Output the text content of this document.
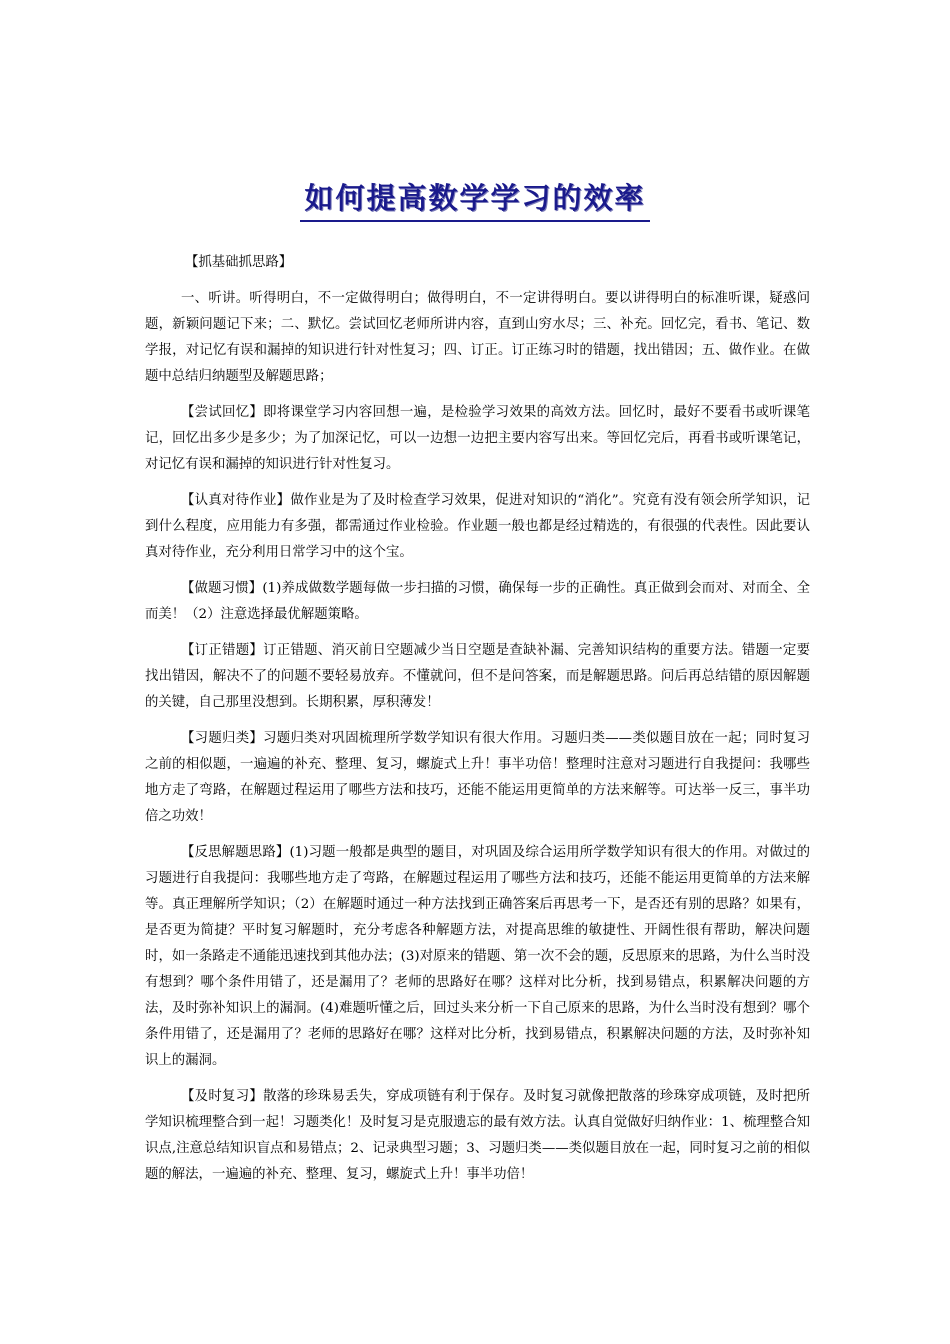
如何提高数学学习的效率

【抓基础抓思路】

一、听讲。听得明白，不一定做得明白；做得明白，不一定讲得明白。要以讲得明白的标准听课，疑惑问题，新颖问题记下来；二、默忆。尝试回忆老师所讲内容，直到山穷水尽；三、补充。回忆完，看书、笔记、数学报，对记忆有误和漏掉的知识进行针对性复习；四、订正。订正练习时的错题，找出错因；五、做作业。在做题中总结归纳题型及解题思路；

【尝试回忆】即将课堂学习内容回想一遍，是检验学习效果的高效方法。回忆时，最好不要看书或听课笔记，回忆出多少是多少；为了加深记忆，可以一边想一边把主要内容写出来。等回忆完后，再看书或听课笔记，对记忆有误和漏掉的知识进行针对性复习。

【认真对待作业】做作业是为了及时检查学习效果，促进对知识的“消化”。究竟有没有领会所学知识，记到什么程度，应用能力有多强，都需通过作业检验。作业题一般也都是经过精选的，有很强的代表性。因此要认真对待作业，充分利用日常学习中的这个宝。

【做题习惯】(1)养成做数学题每做一步扫描的习惯，确保每一步的正确性。真正做到会而对、对而全、全而美！（2）注意选择最优解题策略。

【订正错题】订正错题、消灭前日空题减少当日空题是查缺补漏、完善知识结构的重要方法。错题一定要找出错因，解决不了的问题不要轻易放弃。不懂就问，但不是问答案，而是解题思路。问后再总结错的原因解题的关键，自己那里没想到。长期积累，厚积薄发！

【习题归类】习题归类对巩固梳理所学数学知识有很大作用。习题归类——类似题目放在一起；同时复习之前的相似题，一遍遍的补充、整理、复习，螺旋式上升！事半功倍！整理时注意对习题进行自我提问：我哪些地方走了弯路，在解题过程运用了哪些方法和技巧，还能不能运用更简单的方法来解等。可达举一反三，事半功倍之功效！

【反思解题思路】(1)习题一般都是典型的题目，对巩固及综合运用所学数学知识有很大的作用。对做过的习题进行自我提问：我哪些地方走了弯路，在解题过程运用了哪些方法和技巧，还能不能运用更简单的方法来解等。真正理解所学知识；（2）在解题时通过一种方法找到正确答案后再思考一下，是否还有别的思路？如果有，是否更为简捷？平时复习解题时，充分考虑各种解题方法，对提高思维的敏捷性、开阔性很有帮助，解决问题时，如一条路走不通能迅速找到其他办法；(3)对原来的错题、第一次不会的题，反思原来的思路，为什么当时没有想到？哪个条件用错了，还是漏用了？老师的思路好在哪？这样对比分析，找到易错点，积累解决问题的方法，及时弥补知识上的漏洞。(4)难题听懂之后，回过头来分析一下自己原来的思路，为什么当时没有想到？哪个条件用错了，还是漏用了？老师的思路好在哪？这样对比分析，找到易错点，积累解决问题的方法，及时弥补知识上的漏洞。

【及时复习】散落的珍珠易丢失，穿成项链有利于保存。及时复习就像把散落的珍珠穿成项链，及时把所学知识梳理整合到一起！习题类化！及时复习是克服遗忘的最有效方法。认真自觉做好归纳作业：1、梳理整合知识点,注意总结知识盲点和易错点；2、记录典型习题；3、习题归类——类似题目放在一起，同时复习之前的相似题的解法，一遍遍的补充、整理、复习，螺旋式上升！事半功倍！
